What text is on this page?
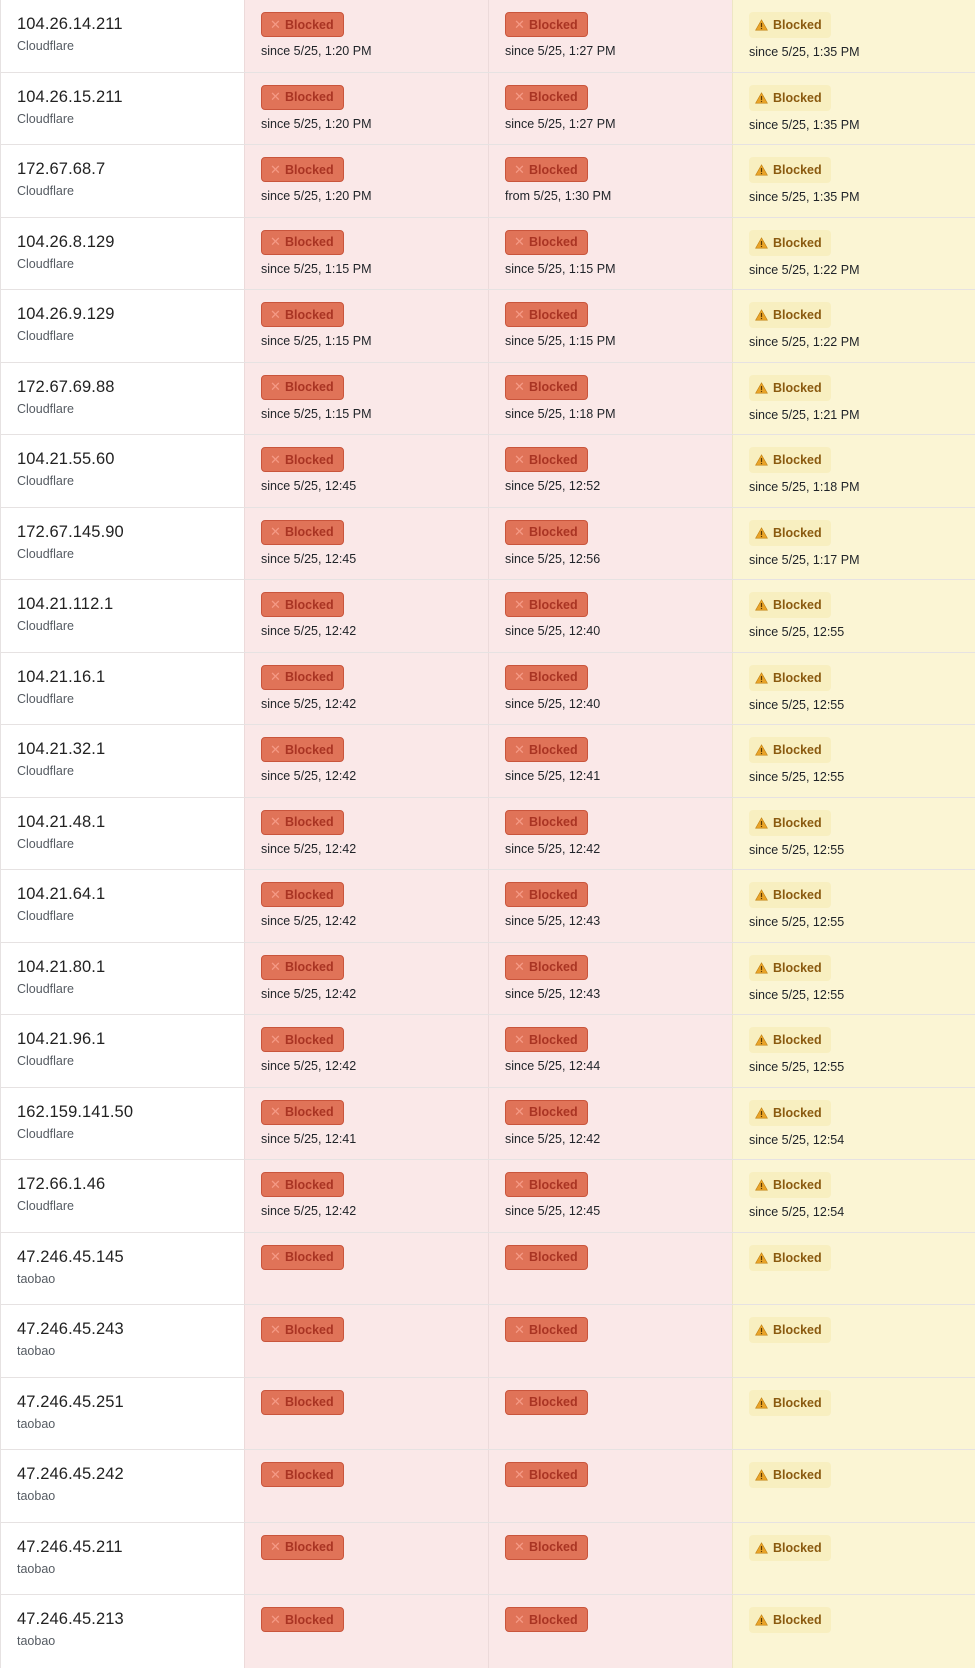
104.26.14.211
Cloudflare
✕ Blocked
since 5/25, 1:20 PM
✕ Blocked
since 5/25, 1:27 PM
Blocked
since 5/25, 1:35 PM
104.26.15.211
Cloudflare
✕ Blocked
since 5/25, 1:20 PM
✕ Blocked
since 5/25, 1:27 PM
Blocked
since 5/25, 1:35 PM
172.67.68.7
Cloudflare
✕ Blocked
since 5/25, 1:20 PM
✕ Blocked
from 5/25, 1:30 PM
Blocked
since 5/25, 1:35 PM
104.26.8.129
Cloudflare
✕ Blocked
since 5/25, 1:15 PM
✕ Blocked
since 5/25, 1:15 PM
Blocked
since 5/25, 1:22 PM
104.26.9.129
Cloudflare
✕ Blocked
since 5/25, 1:15 PM
✕ Blocked
since 5/25, 1:15 PM
Blocked
since 5/25, 1:22 PM
172.67.69.88
Cloudflare
✕ Blocked
since 5/25, 1:15 PM
✕ Blocked
since 5/25, 1:18 PM
Blocked
since 5/25, 1:21 PM
104.21.55.60
Cloudflare
✕ Blocked
since 5/25, 12:45
✕ Blocked
since 5/25, 12:52
Blocked
since 5/25, 1:18 PM
172.67.145.90
Cloudflare
✕ Blocked
since 5/25, 12:45
✕ Blocked
since 5/25, 12:56
Blocked
since 5/25, 1:17 PM
104.21.112.1
Cloudflare
✕ Blocked
since 5/25, 12:42
✕ Blocked
since 5/25, 12:40
Blocked
since 5/25, 12:55
104.21.16.1
Cloudflare
✕ Blocked
since 5/25, 12:42
✕ Blocked
since 5/25, 12:40
Blocked
since 5/25, 12:55
104.21.32.1
Cloudflare
✕ Blocked
since 5/25, 12:42
✕ Blocked
since 5/25, 12:41
Blocked
since 5/25, 12:55
104.21.48.1
Cloudflare
✕ Blocked
since 5/25, 12:42
✕ Blocked
since 5/25, 12:42
Blocked
since 5/25, 12:55
104.21.64.1
Cloudflare
✕ Blocked
since 5/25, 12:42
✕ Blocked
since 5/25, 12:43
Blocked
since 5/25, 12:55
104.21.80.1
Cloudflare
✕ Blocked
since 5/25, 12:42
✕ Blocked
since 5/25, 12:43
Blocked
since 5/25, 12:55
104.21.96.1
Cloudflare
✕ Blocked
since 5/25, 12:42
✕ Blocked
since 5/25, 12:44
Blocked
since 5/25, 12:55
162.159.141.50
Cloudflare
✕ Blocked
since 5/25, 12:41
✕ Blocked
since 5/25, 12:42
Blocked
since 5/25, 12:54
172.66.1.46
Cloudflare
✕ Blocked
since 5/25, 12:42
✕ Blocked
since 5/25, 12:45
Blocked
since 5/25, 12:54
47.246.45.145
taobao
✕ Blocked	✕ Blocked	Blocked
47.246.45.243
taobao
✕ Blocked	✕ Blocked	Blocked
47.246.45.251
taobao
✕ Blocked	✕ Blocked	Blocked
47.246.45.242
taobao
✕ Blocked	✕ Blocked	Blocked
47.246.45.211
taobao
✕ Blocked	✕ Blocked	Blocked
47.246.45.213
taobao
✕ Blocked	✕ Blocked	Blocked
